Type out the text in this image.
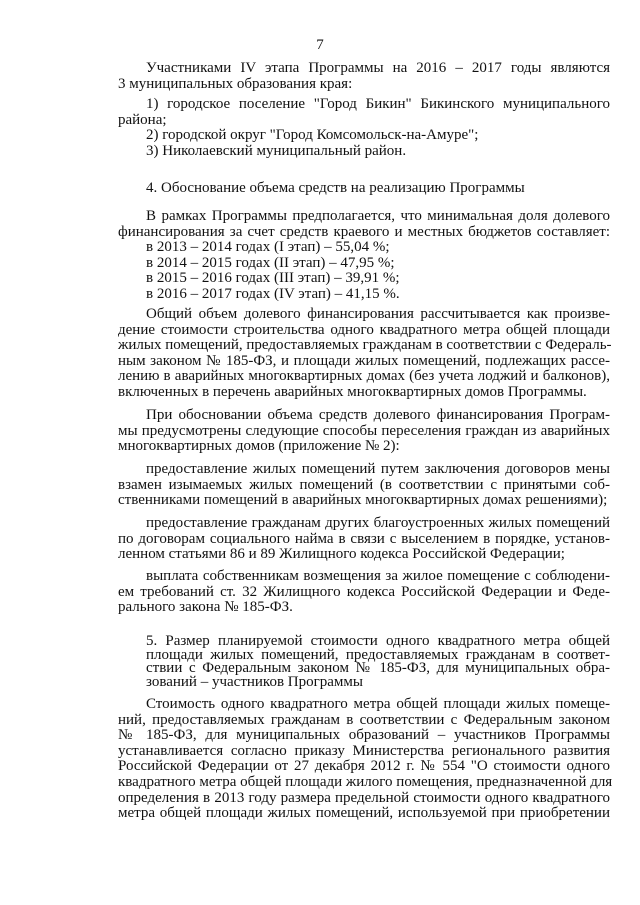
7
Участниками IV этапа Программы на 2016 – 2017 годы являются
3 муниципальных образования края:
1) городское поселение "Город Бикин" Бикинского муниципального
района;
2) городской округ "Город Комсомольск-на-Амуре";
3) Николаевский муниципальный район.
4. Обоснование объема средств на реализацию Программы
В рамках Программы предполагается, что минимальная доля долевого
финансирования за счет средств краевого и местных бюджетов составляет:
в 2013 – 2014 годах (I этап) – 55,04 %;
в 2014 – 2015 годах (II этап) – 47,95 %;
в 2015 – 2016 годах (III этап) – 39,91 %;
в 2016 – 2017 годах (IV этап) – 41,15 %.
Общий объем долевого финансирования рассчитывается как произве-
дение стоимости строительства одного квадратного метра общей площади
жилых помещений, предоставляемых гражданам в соответствии с Федераль-
ным законом № 185-ФЗ, и площади жилых помещений, подлежащих рассе-
лению в аварийных многоквартирных домах (без учета лоджий и балконов),
включенных в перечень аварийных многоквартирных домов Программы.
При обосновании объема средств долевого финансирования Програм-
мы предусмотрены следующие способы переселения граждан из аварийных
многоквартирных домов (приложение № 2):
предоставление жилых помещений путем заключения договоров мены
взамен изымаемых жилых помещений (в соответствии с принятыми соб-
ственниками помещений в аварийных многоквартирных домах решениями);
предоставление гражданам других благоустроенных жилых помещений
по договорам социального найма в связи с выселением в порядке, установ-
ленном статьями 86 и 89 Жилищного кодекса Российской Федерации;
выплата собственникам возмещения за жилое помещение с соблюдени-
ем требований ст. 32 Жилищного кодекса Российской Федерации и Феде-
рального закона № 185-ФЗ.
5. Размер планируемой стоимости одного квадратного метра общей
площади жилых помещений, предоставляемых гражданам в соответ-
ствии с Федеральным законом № 185-ФЗ, для муниципальных обра-
зований – участников Программы
Стоимость одного квадратного метра общей площади жилых помеще-
ний, предоставляемых гражданам в соответствии с Федеральным законом
№ 185-ФЗ, для муниципальных образований – участников Программы
устанавливается согласно приказу Министерства регионального развития
Российской Федерации от 27 декабря 2012 г. № 554 "О стоимости одного
квадратного метра общей площади жилого помещения, предназначенной для
определения в 2013 году размера предельной стоимости одного квадратного
метра общей площади жилых помещений, используемой при приобретении
